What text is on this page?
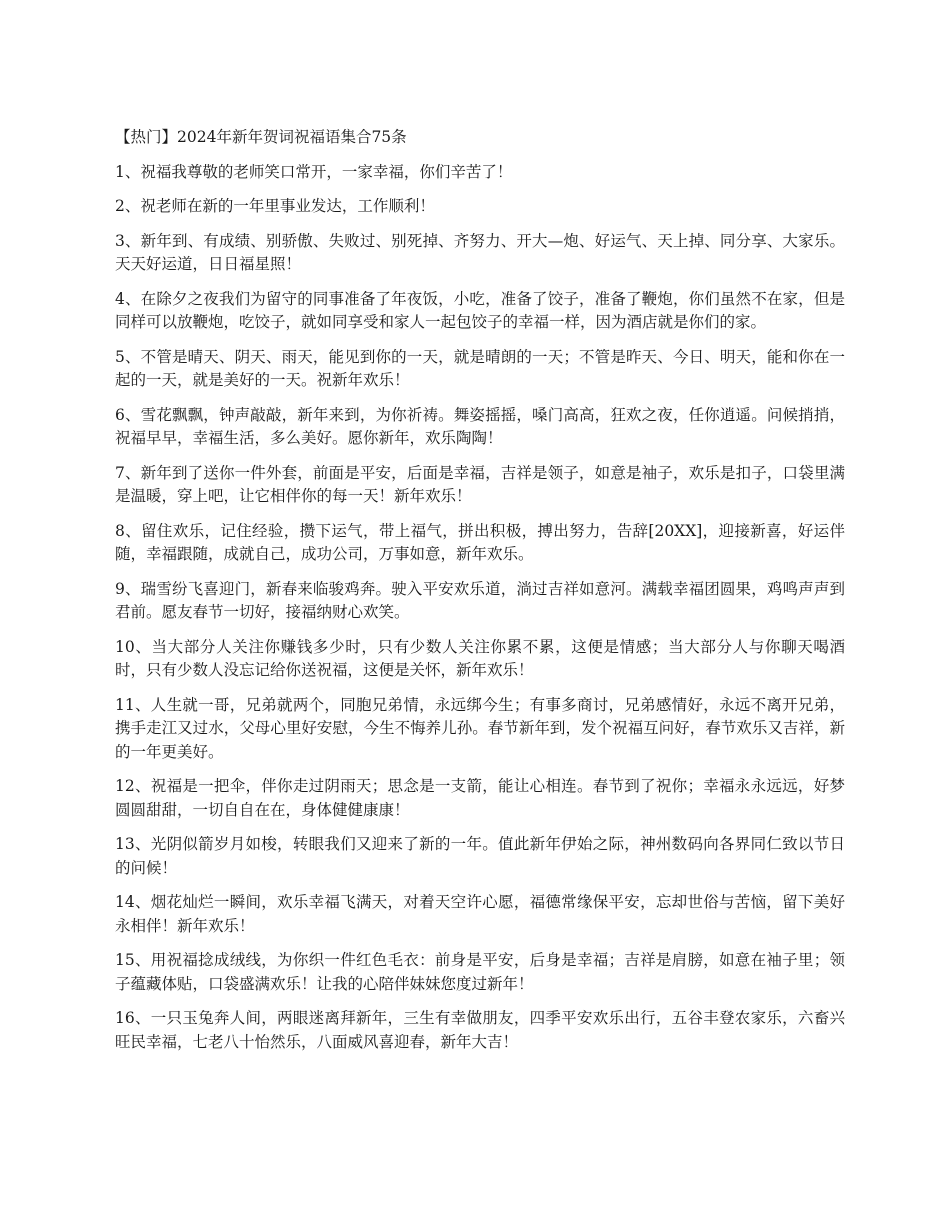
【热门】2024年新年贺词祝福语集合75条
1、祝福我尊敬的老师笑口常开，一家幸福，你们辛苦了！
2、祝老师在新的一年里事业发达，工作顺利！
3、新年到、有成绩、别骄傲、失败过、别死掉、齐努力、开大—炮、好运气、天上掉、同分享、大家乐。天天好运道，日日福星照！
4、在除夕之夜我们为留守的同事准备了年夜饭，小吃，准备了饺子，准备了鞭炮，你们虽然不在家，但是同样可以放鞭炮，吃饺子，就如同享受和家人一起包饺子的幸福一样，因为酒店就是你们的家。
5、不管是晴天、阴天、雨天，能见到你的一天，就是晴朗的一天；不管是昨天、今日、明天，能和你在一起的一天，就是美好的一天。祝新年欢乐！
6、雪花飘飘，钟声敲敲，新年来到，为你祈祷。舞姿摇摇，嗓门高高，狂欢之夜，任你逍遥。问候捎捎，祝福早早，幸福生活，多么美好。愿你新年，欢乐陶陶！
7、新年到了送你一件外套，前面是平安，后面是幸福，吉祥是领子，如意是袖子，欢乐是扣子，口袋里满是温暖，穿上吧，让它相伴你的每一天！新年欢乐！
8、留住欢乐，记住经验，攒下运气，带上福气，拼出积极，搏出努力，告辞[20XX]，迎接新喜，好运伴随，幸福跟随，成就自己，成功公司，万事如意，新年欢乐。
9、瑞雪纷飞喜迎门，新春来临骏鸡奔。驶入平安欢乐道，淌过吉祥如意河。满载幸福团圆果，鸡鸣声声到君前。愿友春节一切好，接福纳财心欢笑。
10、当大部分人关注你赚钱多少时，只有少数人关注你累不累，这便是情感；当大部分人与你聊天喝酒时，只有少数人没忘记给你送祝福，这便是关怀，新年欢乐！
11、人生就一哥，兄弟就两个，同胞兄弟情，永远绑今生；有事多商讨，兄弟感情好，永远不离开兄弟，携手走江又过水，父母心里好安慰，今生不悔养儿孙。春节新年到，发个祝福互问好，春节欢乐又吉祥，新的一年更美好。
12、祝福是一把伞，伴你走过阴雨天；思念是一支箭，能让心相连。春节到了祝你；幸福永永远远，好梦圆圆甜甜，一切自自在在，身体健健康康！
13、光阴似箭岁月如梭，转眼我们又迎来了新的一年。值此新年伊始之际，神州数码向各界同仁致以节日的问候！
14、烟花灿烂一瞬间，欢乐幸福飞满天，对着天空许心愿，福德常缘保平安，忘却世俗与苦恼，留下美好永相伴！新年欢乐！
15、用祝福捻成绒线，为你织一件红色毛衣：前身是平安，后身是幸福；吉祥是肩膀，如意在袖子里；领子蕴藏体贴，口袋盛满欢乐！让我的心陪伴妹妹您度过新年！
16、一只玉兔奔人间，两眼迷离拜新年，三生有幸做朋友，四季平安欢乐出行，五谷丰登农家乐，六畜兴旺民幸福，七老八十怡然乐，八面威风喜迎春，新年大吉！
